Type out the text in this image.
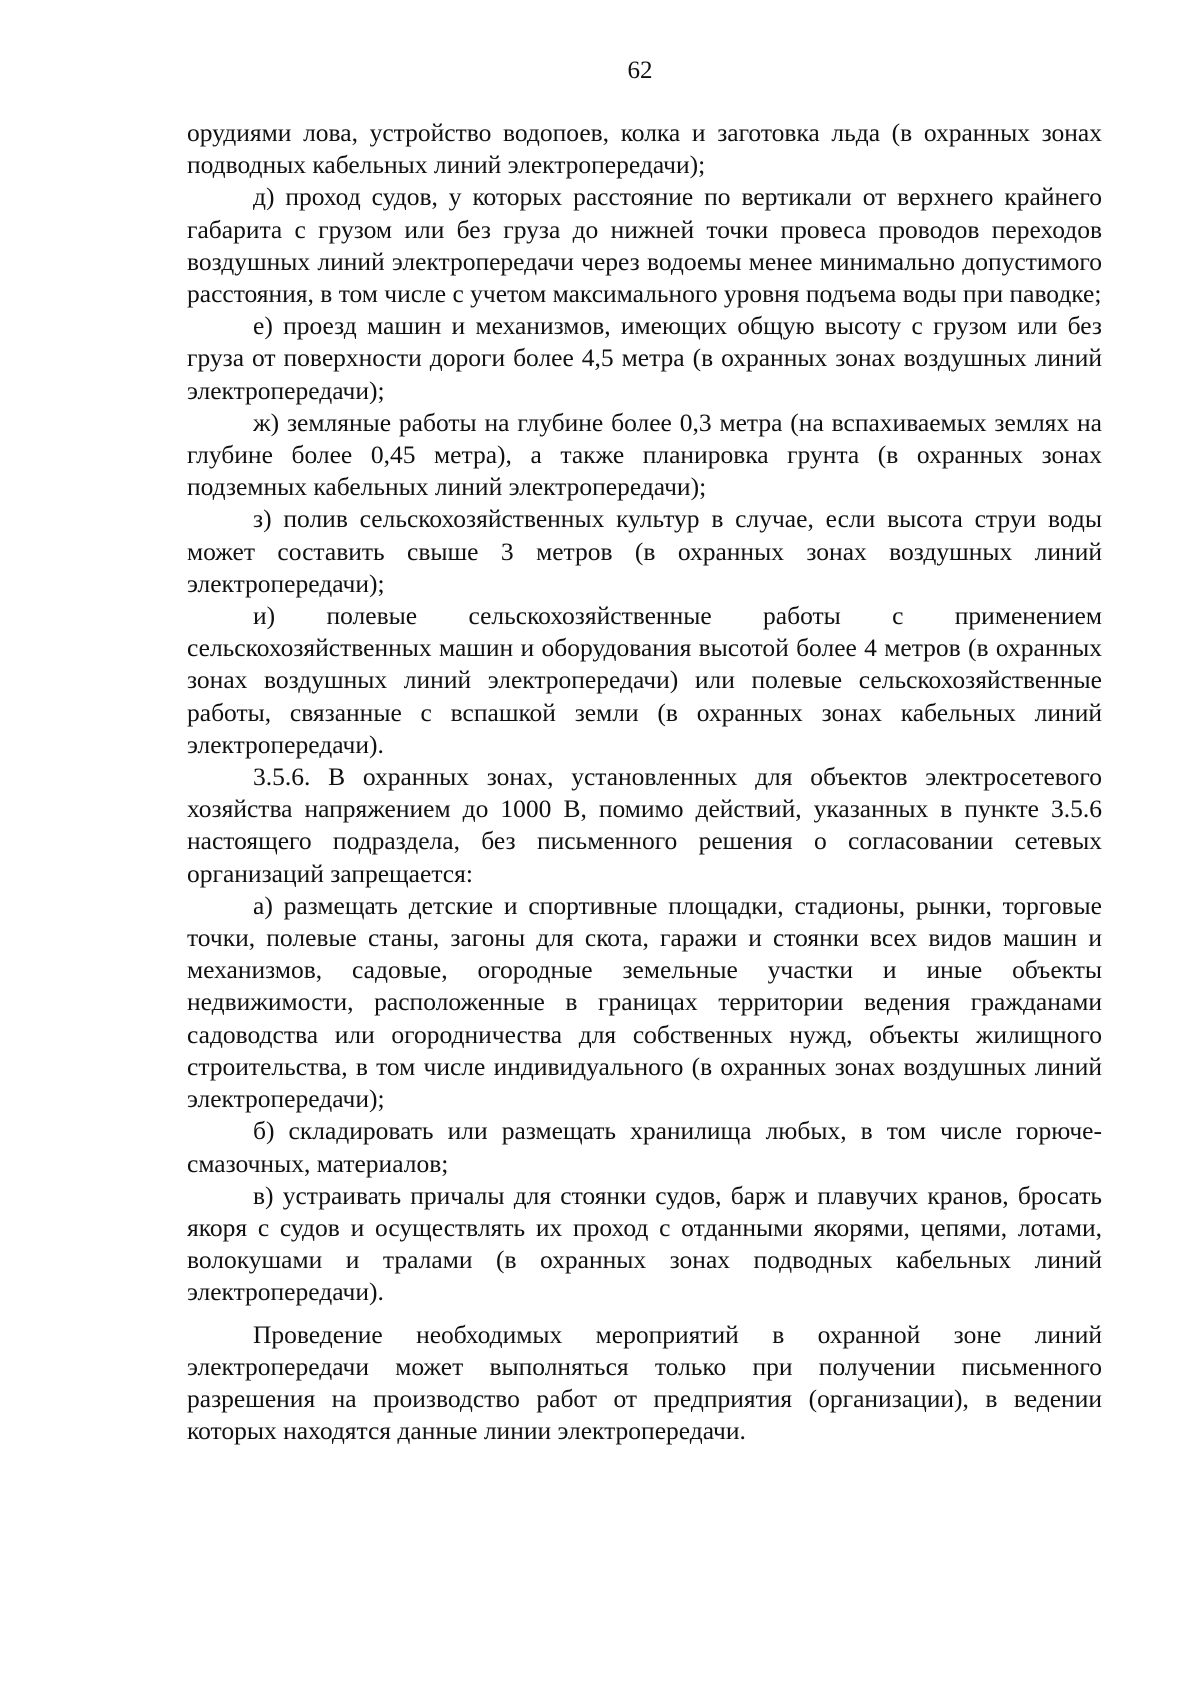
62

орудиями лова, устройство водопоев, колка и заготовка льда (в охранных зонах подводных кабельных линий электропередачи);

д) проход судов, у которых расстояние по вертикали от верхнего крайнего габарита с грузом или без груза до нижней точки провеса проводов переходов воздушных линий электропередачи через водоемы менее минимально допустимого расстояния, в том числе с учетом максимального уровня подъема воды при паводке;

е) проезд машин и механизмов, имеющих общую высоту с грузом или без груза от поверхности дороги более 4,5 метра (в охранных зонах воздушных линий электропередачи);

ж) земляные работы на глубине более 0,3 метра (на вспахиваемых землях на глубине более 0,45 метра), а также планировка грунта (в охранных зонах подземных кабельных линий электропередачи);

з) полив сельскохозяйственных культур в случае, если высота струи воды может составить свыше 3 метров (в охранных зонах воздушных линий электропередачи);

и) полевые сельскохозяйственные работы с применением сельскохозяйственных машин и оборудования высотой более 4 метров (в охранных зонах воздушных линий электропередачи) или полевые сельскохозяйственные работы, связанные с вспашкой земли (в охранных зонах кабельных линий электропередачи).

3.5.6. В охранных зонах, установленных для объектов электросетевого хозяйства напряжением до 1000 В, помимо действий, указанных в пункте 3.5.6 настоящего подраздела, без письменного решения о согласовании сетевых организаций запрещается:

а) размещать детские и спортивные площадки, стадионы, рынки, торговые точки, полевые станы, загоны для скота, гаражи и стоянки всех видов машин и механизмов, садовые, огородные земельные участки и иные объекты недвижимости, расположенные в границах территории ведения гражданами садоводства или огородничества для собственных нужд, объекты жилищного строительства, в том числе индивидуального (в охранных зонах воздушных линий электропередачи);

б) складировать или размещать хранилища любых, в том числе горюче-смазочных, материалов;

в) устраивать причалы для стоянки судов, барж и плавучих кранов, бросать якоря с судов и осуществлять их проход с отданными якорями, цепями, лотами, волокушами и тралами (в охранных зонах подводных кабельных линий электропередачи).

Проведение необходимых мероприятий в охранной зоне линий электропередачи может выполняться только при получении письменного разрешения на производство работ от предприятия (организации), в ведении которых находятся данные линии электропередачи.
